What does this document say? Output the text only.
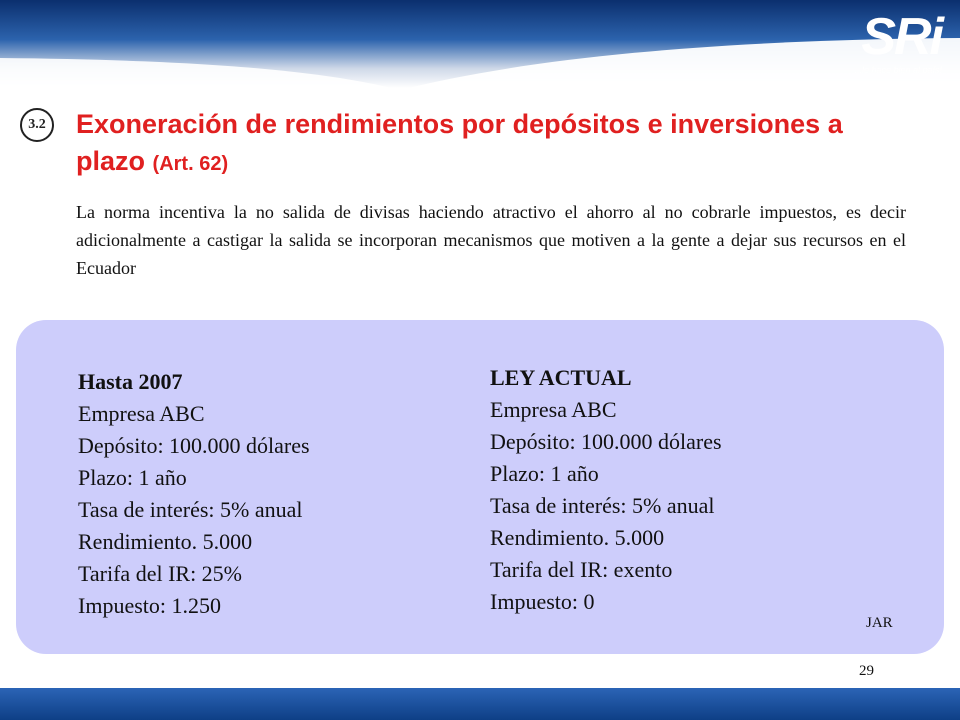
SRi
...le hace bien al país!
3.2	Exoneración de rendimientos por depósitos e inversiones a plazo (Art. 62)

La norma incentiva la no salida de divisas haciendo atractivo el ahorro al no cobrarle impuestos, es decir adicionalmente a castigar la salida se incorporan mecanismos que motiven a la gente a dejar sus recursos en el Ecuador

Hasta 2007
Empresa ABC
Depósito: 100.000 dólares
Plazo: 1 año
Tasa de interés: 5% anual
Rendimiento. 5.000
Tarifa del IR: 25%
Impuesto: 1.250
LEY ACTUAL
Empresa ABC
Depósito: 100.000 dólares
Plazo: 1 año
Tasa de interés: 5% anual
Rendimiento. 5.000
Tarifa del IR: exento
Impuesto: 0
JAR
29
